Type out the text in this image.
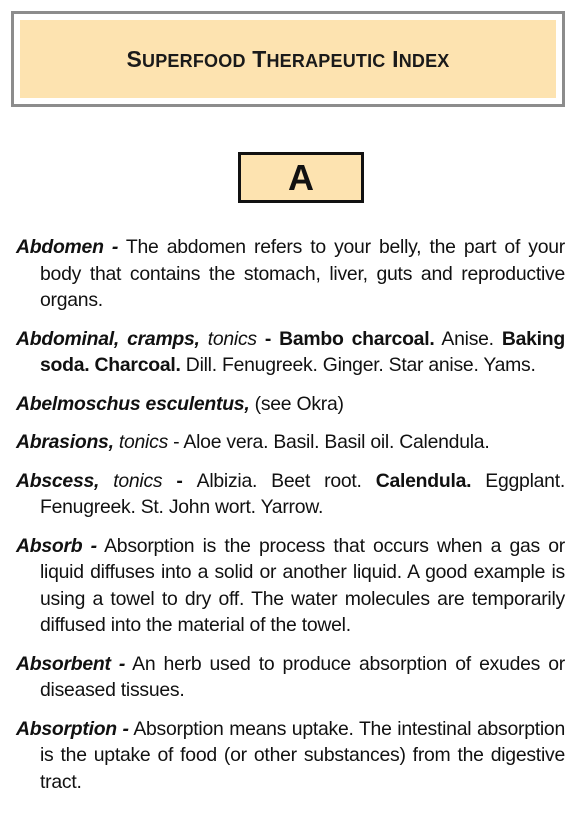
SUPERFOOD THERAPEUTIC INDEX
A

Abdomen - The abdomen refers to your belly, the part of your body that contains the stomach, liver, guts and reproductive organs.

Abdominal, cramps, tonics - Bambo charcoal. Anise. Baking soda. Charcoal. Dill. Fenugreek. Ginger. Star anise. Yams.

Abelmoschus esculentus, (see Okra)

Abrasions, tonics - Aloe vera. Basil. Basil oil. Calendula.

Abscess, tonics - Albizia. Beet root. Calendula. Eggplant. Fenugreek. St. John wort. Yarrow.

Absorb - Absorption is the process that occurs when a gas or liquid diffuses into a solid or another liquid. A good example is using a towel to dry off. The water molecules are temporarily diffused into the material of the towel.

Absorbent - An herb used to produce absorption of exudes or diseased tissues.

Absorption - Absorption means uptake. The intestinal absorption is the uptake of food (or other substances) from the digestive tract.
